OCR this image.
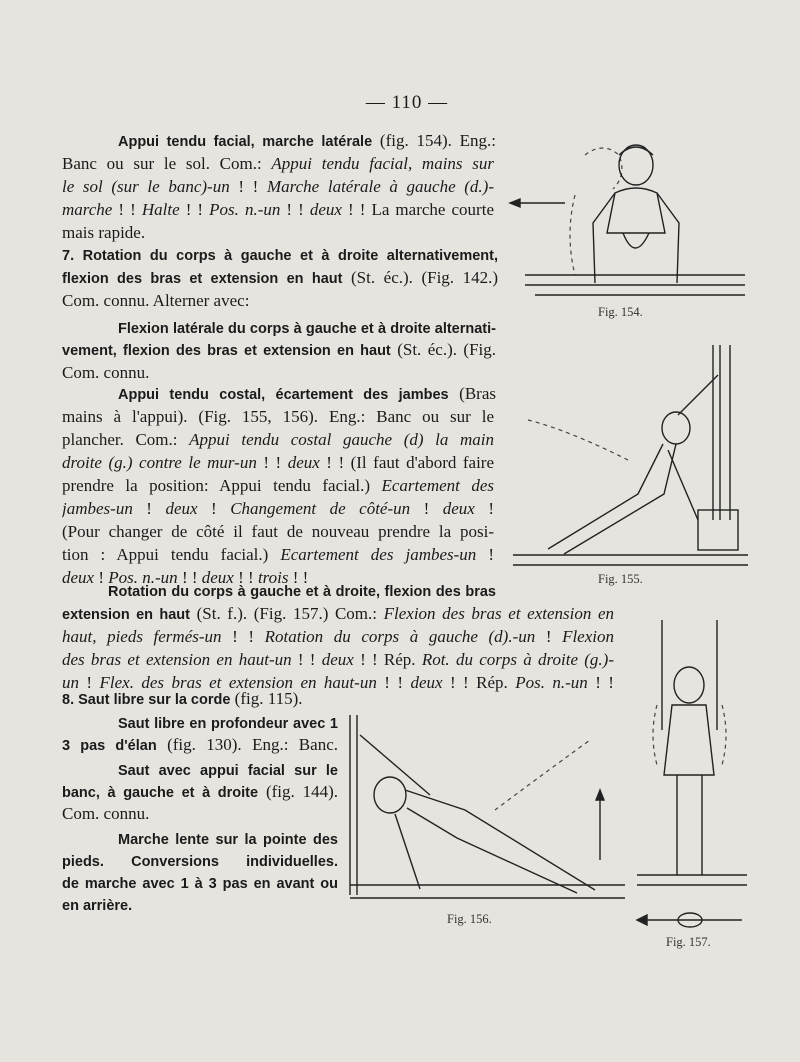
— 110 —
Appui tendu facial, marche latérale (fig. 154). Eng.:
Banc ou sur le sol. Com.: Appui tendu facial, mains sur
le sol (sur le banc)-un ! ! Marche latérale à gauche (d.)-
marche ! ! Halte ! ! Pos. n.-un ! ! deux ! ! La marche courte
mais rapide.
7. Rotation du corps à gauche et à droite alternativement,
flexion des bras et extension en haut (St. éc.). (Fig. 142.)
Com. connu. Alterner avec:
Flexion latérale du corps à gauche et à droite alternati-
vement, flexion des bras et extension en haut (St. éc.). (Fig.
Com. connu.
Appui tendu costal, écartement des jambes (Bras
mains à l'appui). (Fig. 155, 156). Eng.: Banc ou sur le
plancher. Com.: Appui tendu costal gauche (d) la main
droite (g.) contre le mur-un ! ! deux ! ! (Il faut d'abord faire
prendre la position: Appui tendu facial.) Ecartement des
jambes-un ! deux ! Changement de côté-un ! deux !
(Pour changer de côté il faut de nouveau prendre la posi-
tion : Appui tendu facial.) Ecartement des jambes-un !
deux ! Pos. n.-un ! ! deux ! ! trois ! !
Rotation du corps à gauche et à droite, flexion des bras
extension en haut (St. f.). (Fig. 157.) Com.: Flexion des bras et extension en
haut, pieds fermés-un ! ! Rotation du corps à gauche (d).-un ! Flexion
des bras et extension en haut-un ! ! deux ! ! Rép. Rot. du corps à droite (g.)-
un ! Flex. des bras et extension en haut-un ! ! deux ! ! Rép. Pos. n.-un ! !
8. Saut libre sur la corde (fig. 115).
Saut libre en profondeur avec 1
3 pas d'élan (fig. 130). Eng.: Banc.
Saut avec appui facial sur le
banc, à gauche et à droite (fig. 144).
Com. connu.
Marche lente sur la pointe des
pieds. Conversions individuelles.
de marche avec 1 à 3 pas en avant ou
en arrière.
Fig. 154.
Fig. 155.
Fig. 156.
Fig. 157.
